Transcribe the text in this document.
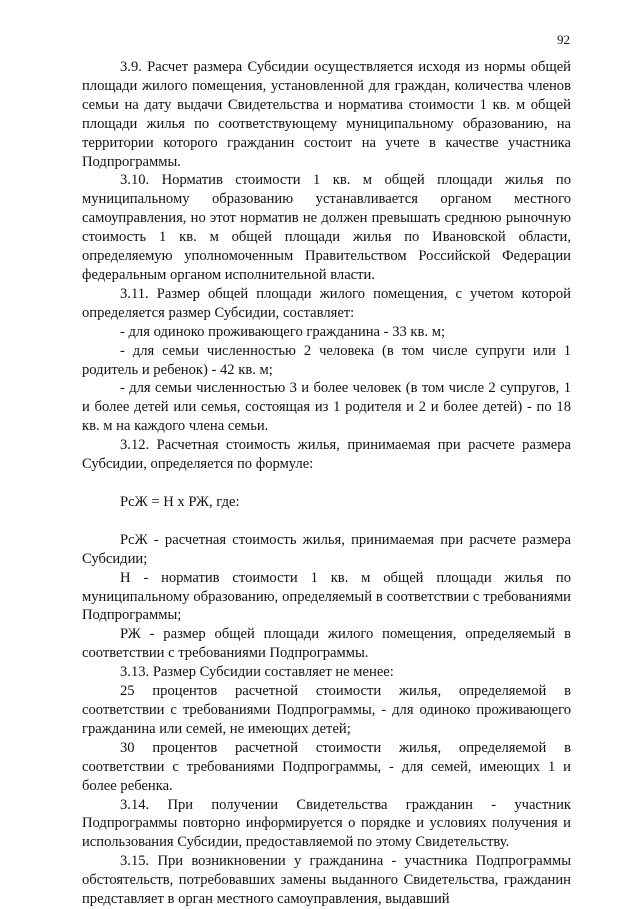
92

3.9. Расчет размера Субсидии осуществляется исходя из нормы общей площади жилого помещения, установленной для граждан, количества членов семьи на дату выдачи Свидетельства и норматива стоимости 1 кв. м общей площади жилья по соответствующему муниципальному образованию, на территории которого гражданин состоит на учете в качестве участника Подпрограммы.

3.10. Норматив стоимости 1 кв. м общей площади жилья по муниципальному образованию устанавливается органом местного самоуправления, но этот норматив не должен превышать среднюю рыночную стоимость 1 кв. м общей площади жилья по Ивановской области, определяемую уполномоченным Правительством Российской Федерации федеральным органом исполнительной власти.

3.11. Размер общей площади жилого помещения, с учетом которой определяется размер Субсидии, составляет:

- для одиноко проживающего гражданина - 33 кв. м;

- для семьи численностью 2 человека (в том числе супруги или 1 родитель и ребенок) - 42 кв. м;

- для семьи численностью 3 и более человек (в том числе 2 супругов, 1 и более детей или семья, состоящая из 1 родителя и 2 и более детей) - по 18 кв. м на каждого члена семьи.

3.12. Расчетная стоимость жилья, принимаемая при расчете размера Субсидии, определяется по формуле:

РсЖ = Н х РЖ, где:

РсЖ - расчетная стоимость жилья, принимаемая при расчете размера Субсидии;

Н - норматив стоимости 1 кв. м общей площади жилья по муниципальному образованию, определяемый в соответствии с требованиями Подпрограммы;

РЖ - размер общей площади жилого помещения, определяемый в соответствии с требованиями Подпрограммы.

3.13. Размер Субсидии составляет не менее:

25 процентов расчетной стоимости жилья, определяемой в соответствии с требованиями Подпрограммы, - для одиноко проживающего гражданина или семей, не имеющих детей;

30 процентов расчетной стоимости жилья, определяемой в соответствии с требованиями Подпрограммы, - для семей, имеющих 1 и более ребенка.

3.14. При получении Свидетельства гражданин - участник Подпрограммы повторно информируется о порядке и условиях получения и использования Субсидии, предоставляемой по этому Свидетельству.

3.15. При возникновении у гражданина - участника Подпрограммы обстоятельств, потребовавших замены выданного Свидетельства, гражданин представляет в орган местного самоуправления, выдавший
